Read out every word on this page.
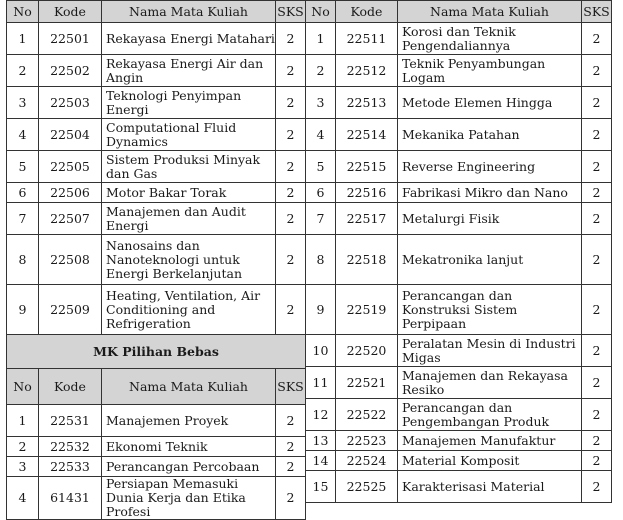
No	Kode	Nama Mata Kuliah	SKS
1	22501	Rekayasa Energi Matahari	2
2	22502	Rekayasa Energi Air dan Angin	2
3	22503	Teknologi Penyimpan Energi	2
4	22504	Computational Fluid Dynamics	2
5	22505	Sistem Produksi Minyak dan Gas	2
6	22506	Motor Bakar Torak	2
7	22507	Manajemen dan Audit Energi	2
8	22508	Nanosains dan Nanoteknologi untuk Energi Berkelanjutan	2
9	22509	Heating, Ventilation, Air Conditioning and Refrigeration	2
MK Pilihan Bebas			
No	Kode	Nama Mata Kuliah	SKS
1	22531	Manajemen Proyek	2
2	22532	Ekonomi Teknik	2
3	22533	Perancangan Percobaan	2
4	61431	Persiapan Memasuki Dunia Kerja dan Etika Profesi	2
No	Kode	Nama Mata Kuliah	SKS
1	22511	Korosi dan Teknik Pengendaliannya	2
2	22512	Teknik Penyambungan Logam	2
3	22513	Metode Elemen Hingga	2
4	22514	Mekanika Patahan	2
5	22515	Reverse Engineering	2
6	22516	Fabrikasi Mikro dan Nano	2
7	22517	Metalurgi Fisik	2
8	22518	Mekatronika lanjut	2
9	22519	Perancangan dan Konstruksi Sistem Perpipaan	2
10	22520	Peralatan Mesin di Industri Migas	2
11	22521	Manajemen dan Rekayasa Resiko	2
12	22522	Perancangan dan Pengembangan Produk	2
13	22523	Manajemen Manufaktur	2
14	22524	Material Komposit	2
15	22525	Karakterisasi Material	2
